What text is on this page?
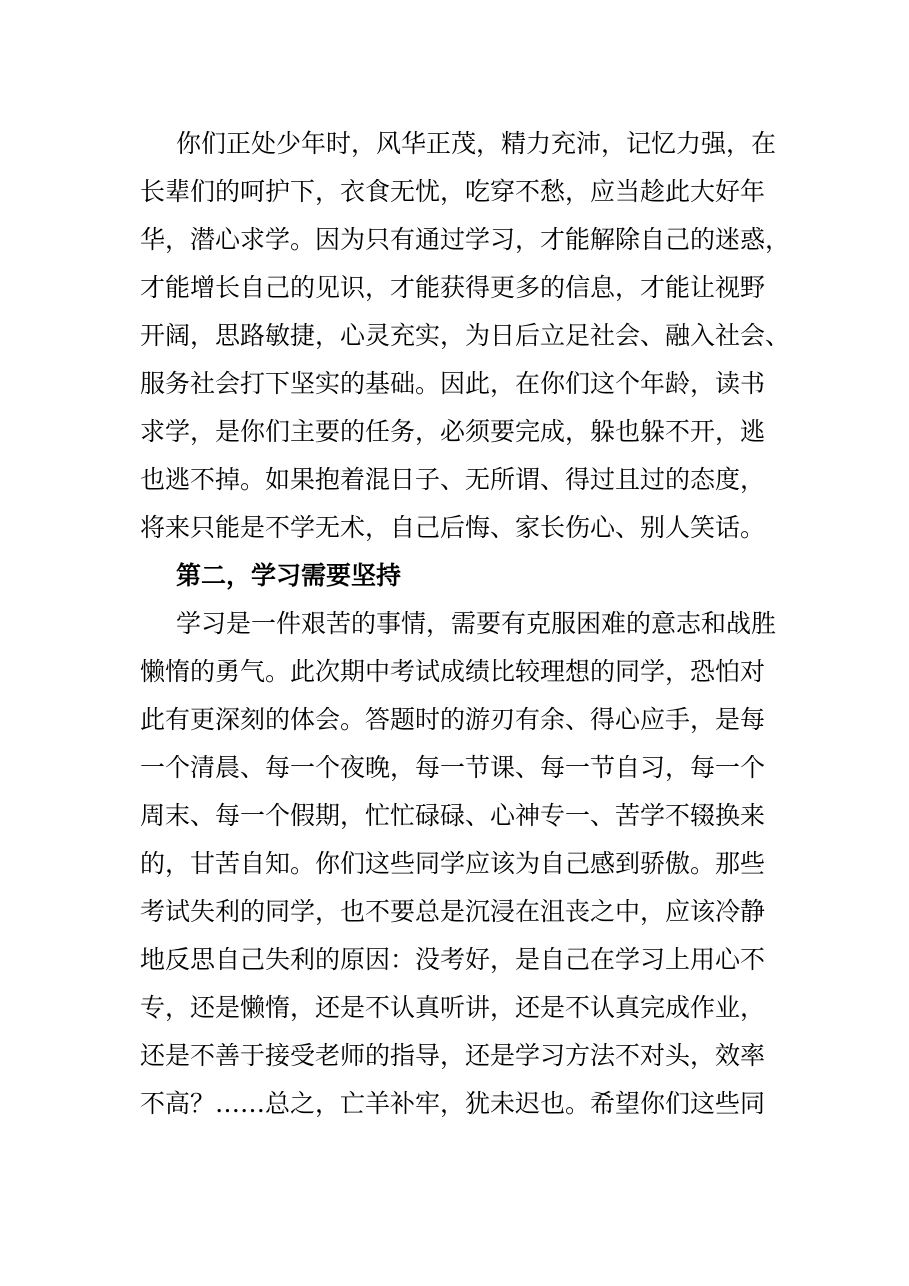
你们正处少年时，风华正茂，精力充沛，记忆力强，在
长辈们的呵护下，衣食无忧，吃穿不愁，应当趁此大好年
华，潜心求学。因为只有通过学习，才能解除自己的迷惑，
才能增长自己的见识，才能获得更多的信息，才能让视野
开阔，思路敏捷，心灵充实，为日后立足社会、融入社会、
服务社会打下坚实的基础。因此，在你们这个年龄，读书
求学，是你们主要的任务，必须要完成，躲也躲不开，逃
也逃不掉。如果抱着混日子、无所谓、得过且过的态度，
将来只能是不学无术，自己后悔、家长伤心、别人笑话。
第二，学习需要坚持
学习是一件艰苦的事情，需要有克服困难的意志和战胜
懒惰的勇气。此次期中考试成绩比较理想的同学，恐怕对
此有更深刻的体会。答题时的游刃有余、得心应手，是每
一个清晨、每一个夜晚，每一节课、每一节自习，每一个
周末、每一个假期，忙忙碌碌、心神专一、苦学不辍换来
的，甘苦自知。你们这些同学应该为自己感到骄傲。那些
考试失利的同学，也不要总是沉浸在沮丧之中，应该冷静
地反思自己失利的原因：没考好，是自己在学习上用心不
专，还是懒惰，还是不认真听讲，还是不认真完成作业，
还是不善于接受老师的指导，还是学习方法不对头，效率
不高？……总之，亡羊补牢，犹未迟也。希望你们这些同
